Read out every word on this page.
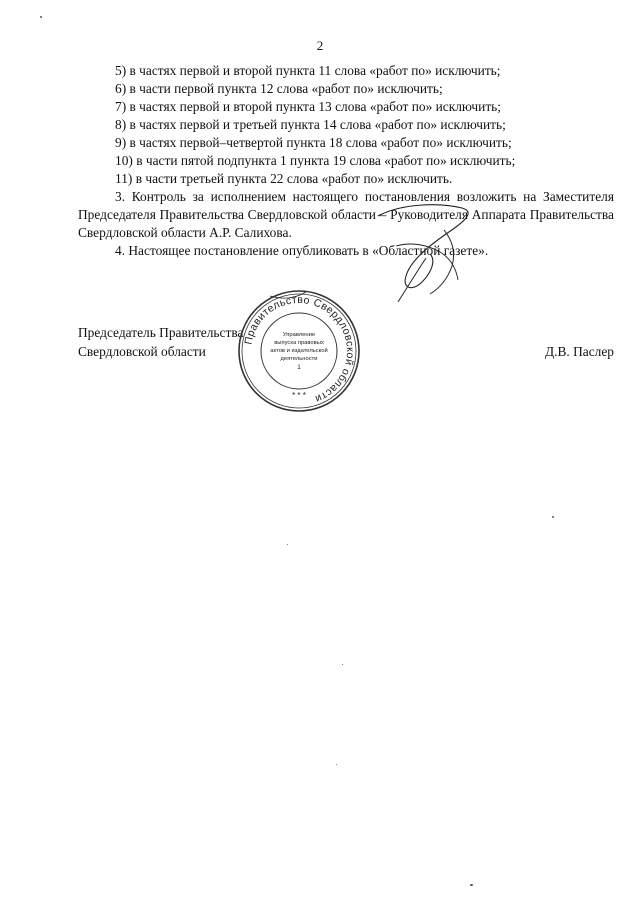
2
5) в частях первой и второй пункта 11 слова «работ по» исключить;
6) в части первой пункта 12 слова «работ по» исключить;
7) в частях первой и второй пункта 13 слова «работ по» исключить;
8) в частях первой и третьей пункта 14 слова «работ по» исключить;
9) в частях первой–четвертой пункта 18 слова «работ по» исключить;
10) в части пятой подпункта 1 пункта 19 слова «работ по» исключить;
11) в части третьей пункта 22 слова «работ по» исключить.
3. Контроль за исполнением настоящего постановления возложить на Заместителя Председателя Правительства Свердловской области – Руководителя Аппарата Правительства Свердловской области А.Р. Салихова.
4. Настоящее постановление опубликовать в «Областной газете».
Председатель Правительства
Свердловской области	Д.В. Паслер
Правительство Свердловской области
Управление
выпуска правовых
актов и издательской
деятельности
1
* * *
